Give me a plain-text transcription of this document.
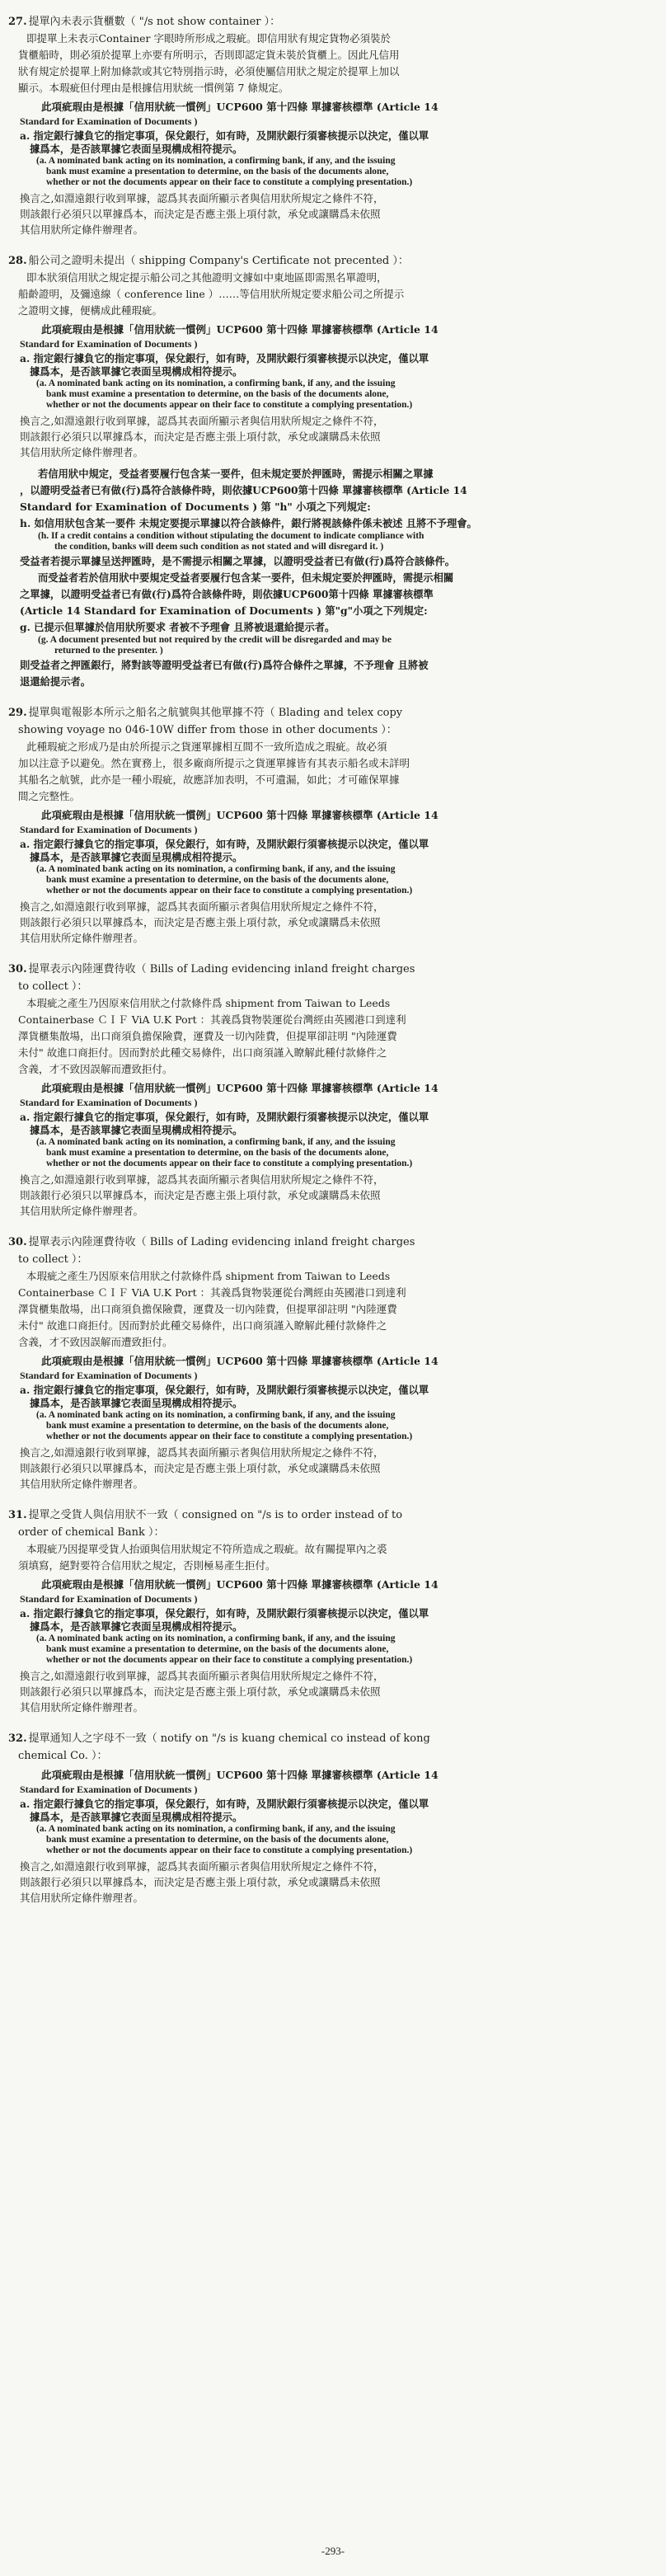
27. 提單內未表示貨櫃數（ "/s not show container ）：

即提單上未表示Container 字眼時所形成之瑕疵。即信用狀有規定貨物必須裝於

貨櫃船時，則必須於提單上亦要有所明示，否則即認定貨未裝於貨櫃上。因此凡信用

狀有規定於提單上附加條款或其它特別指示時，必須使屬信用狀之規定於提單上加以

顯示。本瑕疵但付理由是根據信用狀統一慣例第 7 條規定。

此項疵瑕由是根據「信用狀統一慣例」UCP600 第十四條 單據審核標準 (Article 14

Standard for Examination of Documents )

a. 指定銀行據負它的指定事項，保兌銀行，如有時，及開狀銀行須審核提示以決定，僅以單

據爲本，是否該單據它表面呈現構成相符提示。

(a. A nominated bank acting on its nomination, a confirming bank, if any, and the issuing

bank must examine a presentation to determine, on the basis of the documents alone,

whether or not the documents appear on their face to constitute a complying presentation.)

換言之,如淵遠銀行收到單據，認爲其表面所顯示者與信用狀所規定之條件不符，

則該銀行必須只以單據爲本，而決定是否應主張上項付款，承兌或讓購爲未依照

其信用狀所定條件辦理者。

28. 船公司之證明未提出（ shipping Company's Certificate not precented ）：

即本狀須信用狀之規定提示船公司之其他證明文據如中東地區即需黑名單證明，

船齡證明，及彌遠線（ conference line ）……等信用狀所規定要求船公司之所提示

之證明文據，便構成此種瑕疵。

此項疵瑕由是根據「信用狀統一慣例」UCP600 第十四條 單據審核標準 (Article 14

Standard for Examination of Documents )

a. 指定銀行據負它的指定事項，保兌銀行，如有時，及開狀銀行須審核提示以決定，僅以單

據爲本，是否該單據它表面呈現構成相符提示。

(a. A nominated bank acting on its nomination, a confirming bank, if any, and the issuing

bank must examine a presentation to determine, on the basis of the documents alone,

whether or not the documents appear on their face to constitute a complying presentation.)

換言之,如淵遠銀行收到單據，認爲其表面所顯示者與信用狀所規定之條件不符，

則該銀行必須只以單據爲本，而決定是否應主張上項付款，承兌或讓購爲未依照

其信用狀所定條件辦理者。

若信用狀中規定，受益者要履行包含某一要件，但未規定要於押匯時，需提示相關之單據

，以證明受益者已有做(行)爲符合該條件時，則依據UCP600第十四條 單據審核標準 (Article 14

Standard for Examination of Documents ) 第 "h" 小項之下列規定:

h. 如信用狀包含某一要件 未規定要提示單據以符合該條件，銀行將視該條件係未被述 且將不予理會。

(h. If a credit contains a condition without stipulating the document to indicate compliance with

the condition, banks will deem such condition as not stated and will disregard it. )

受益者若提示單據呈送押匯時，是不需提示相關之單據，以證明受益者已有做(行)爲符合該條件。

而受益者若於信用狀中要規定受益者要履行包含某一要件，但未規定要於押匯時，需提示相關

之單據，以證明受益者已有做(行)爲符合該條件時，則依據UCP600第十四條 單據審核標準

(Article 14 Standard for Examination of Documents ) 第"g"小項之下列規定:

g. 已提示但單據於信用狀所要求 者被不予理會 且將被退還給提示者。

(g. A document presented but not required by the credit will be disregarded and may be

returned to the presenter. )

則受益者之押匯銀行，將對該等證明受益者已有做(行)爲符合條件之單據，不予理會 且將被

退還給提示者。

29. 提單與電報影本所示之船名之航號與其他單據不符（ Blading and telex copy

showing voyage no 046-10W differ from those in other documents ）：

此種瑕疵之形成乃是由於所提示之貨運單據相互間不一致所造成之瑕疵。故必須

加以注意予以避免。然在實務上，很多廠商所提示之貨運單據皆有其表示船名或未詳明

其船名之航號，此亦是一種小瑕疵，故應詳加表明，不可遺漏，如此；才可確保單據

間之完整性。

此項疵瑕由是根據「信用狀統一慣例」UCP600 第十四條 單據審核標準 (Article 14

Standard for Examination of Documents )

a. 指定銀行據負它的指定事項，保兌銀行，如有時，及開狀銀行須審核提示以決定，僅以單

據爲本，是否該單據它表面呈現構成相符提示。

(a. A nominated bank acting on its nomination, a confirming bank, if any, and the issuing

bank must examine a presentation to determine, on the basis of the documents alone,

whether or not the documents appear on their face to constitute a complying presentation.)

換言之,如淵遠銀行收到單據，認爲其表面所顯示者與信用狀所規定之條件不符，

則該銀行必須只以單據爲本，而決定是否應主張上項付款，承兌或讓購爲未依照

其信用狀所定條件辦理者。

30. 提單表示內陸運費待收（ Bills of Lading evidencing inland freight charges

to collect ）：

本瑕疵之產生乃因原來信用狀之付款條件爲 shipment from Taiwan to Leeds

Containerbase ＣＩＦ ViA U.K Port ：其義爲貨物裝運從台灣經由英國港口到達利

澤貨櫃集散場，出口商須負擔保險費，運費及一切內陸費，但提單卻註明 "內陸運費

未付" 故進口商拒付。因而對於此種交易條件，出口商須謹入瞭解此種付款條件之

含義，才不致因誤解而遭致拒付。

此項疵瑕由是根據「信用狀統一慣例」UCP600 第十四條 單據審核標準 (Article 14

Standard for Examination of Documents )

a. 指定銀行據負它的指定事項，保兌銀行，如有時，及開狀銀行須審核提示以決定，僅以單

據爲本，是否該單據它表面呈現構成相符提示。

(a. A nominated bank acting on its nomination, a confirming bank, if any, and the issuing

bank must examine a presentation to determine, on the basis of the documents alone,

whether or not the documents appear on their face to constitute a complying presentation.)

換言之,如淵遠銀行收到單據，認爲其表面所顯示者與信用狀所規定之條件不符，

則該銀行必須只以單據爲本，而決定是否應主張上項付款，承兌或讓購爲未依照

其信用狀所定條件辦理者。

30. 提單表示內陸運費待收（ Bills of Lading evidencing inland freight charges

to collect ）：

本瑕疵之產生乃因原來信用狀之付款條件爲 shipment from Taiwan to Leeds

Containerbase ＣＩＦ ViA U.K Port ：其義爲貨物裝運從台灣經由英國港口到達利

澤貨櫃集散場，出口商須負擔保險費，運費及一切內陸費，但提單卻註明 "內陸運費

未付" 故進口商拒付。因而對於此種交易條件，出口商須謹入瞭解此種付款條件之

含義，才不致因誤解而遭致拒付。

此項疵瑕由是根據「信用狀統一慣例」UCP600 第十四條 單據審核標準 (Article 14

Standard for Examination of Documents )

a. 指定銀行據負它的指定事項，保兌銀行，如有時，及開狀銀行須審核提示以決定，僅以單

據爲本，是否該單據它表面呈現構成相符提示。

(a. A nominated bank acting on its nomination, a confirming bank, if any, and the issuing

bank must examine a presentation to determine, on the basis of the documents alone,

whether or not the documents appear on their face to constitute a complying presentation.)

換言之,如淵遠銀行收到單據，認爲其表面所顯示者與信用狀所規定之條件不符，

則該銀行必須只以單據爲本，而決定是否應主張上項付款，承兌或讓購爲未依照

其信用狀所定條件辦理者。

31. 提單之受貨人與信用狀不一致（ consigned on "/s is to order instead of to

order of chemical Bank ）：

本瑕疵乃因提單受貨人抬頭與信用狀規定不符所造成之瑕疵。故有關提單內之裘

須填寫，絕對要符合信用狀之規定，否則極易產生拒付。

此項疵瑕由是根據「信用狀統一慣例」UCP600 第十四條 單據審核標準 (Article 14

Standard for Examination of Documents )

a. 指定銀行據負它的指定事項，保兌銀行，如有時，及開狀銀行須審核提示以決定，僅以單

據爲本，是否該單據它表面呈現構成相符提示。

(a. A nominated bank acting on its nomination, a confirming bank, if any, and the issuing

bank must examine a presentation to determine, on the basis of the documents alone,

whether or not the documents appear on their face to constitute a complying presentation.)

換言之,如淵遠銀行收到單據，認爲其表面所顯示者與信用狀所規定之條件不符，

則該銀行必須只以單據爲本，而決定是否應主張上項付款，承兌或讓購爲未依照

其信用狀所定條件辦理者。

32. 提單通知人之字母不一致（ notify on "/s is kuang chemical co instead of kong

chemical Co. ）：

此項疵瑕由是根據「信用狀統一慣例」UCP600 第十四條 單據審核標準 (Article 14

Standard for Examination of Documents )

a. 指定銀行據負它的指定事項，保兌銀行，如有時，及開狀銀行須審核提示以決定，僅以單

據爲本，是否該單據它表面呈現構成相符提示。

(a. A nominated bank acting on its nomination, a confirming bank, if any, and the issuing

bank must examine a presentation to determine, on the basis of the documents alone,

whether or not the documents appear on their face to constitute a complying presentation.)

換言之,如淵遠銀行收到單據，認爲其表面所顯示者與信用狀所規定之條件不符，

則該銀行必須只以單據爲本，而決定是否應主張上項付款，承兌或讓購爲未依照

其信用狀所定條件辦理者。

-293-
